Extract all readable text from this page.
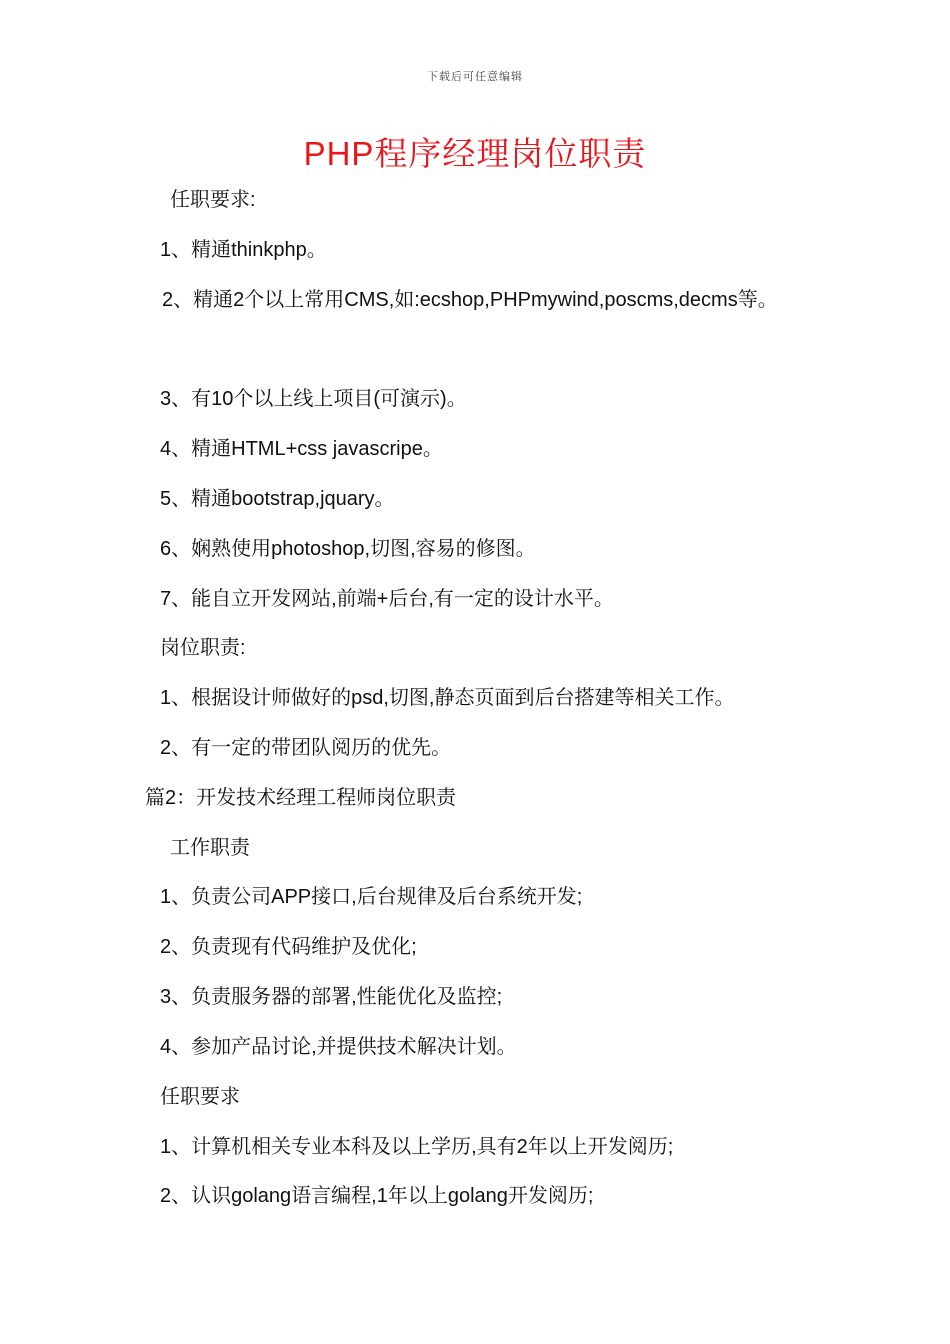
下载后可任意编辑
PHP程序经理岗位职责
任职要求:
1、精通thinkphp。
2、精通2个以上常用CMS,如:ecshop,PHPmywind,poscms,decms等。
3、有10个以上线上项目(可演示)。
4、精通HTML+css javascripe。
5、精通bootstrap,jquary。
6、娴熟使用photoshop,切图,容易的修图。
7、能自立开发网站,前端+后台,有一定的设计水平。
岗位职责:
1、根据设计师做好的psd,切图,静态页面到后台搭建等相关工作。
2、有一定的带团队阅历的优先。
篇2：开发技术经理工程师岗位职责
工作职责
1、负责公司APP接口,后台规律及后台系统开发;
2、负责现有代码维护及优化;
3、负责服务器的部署,性能优化及监控;
4、参加产品讨论,并提供技术解决计划。
任职要求
1、计算机相关专业本科及以上学历,具有2年以上开发阅历;
2、认识golang语言编程,1年以上golang开发阅历;
